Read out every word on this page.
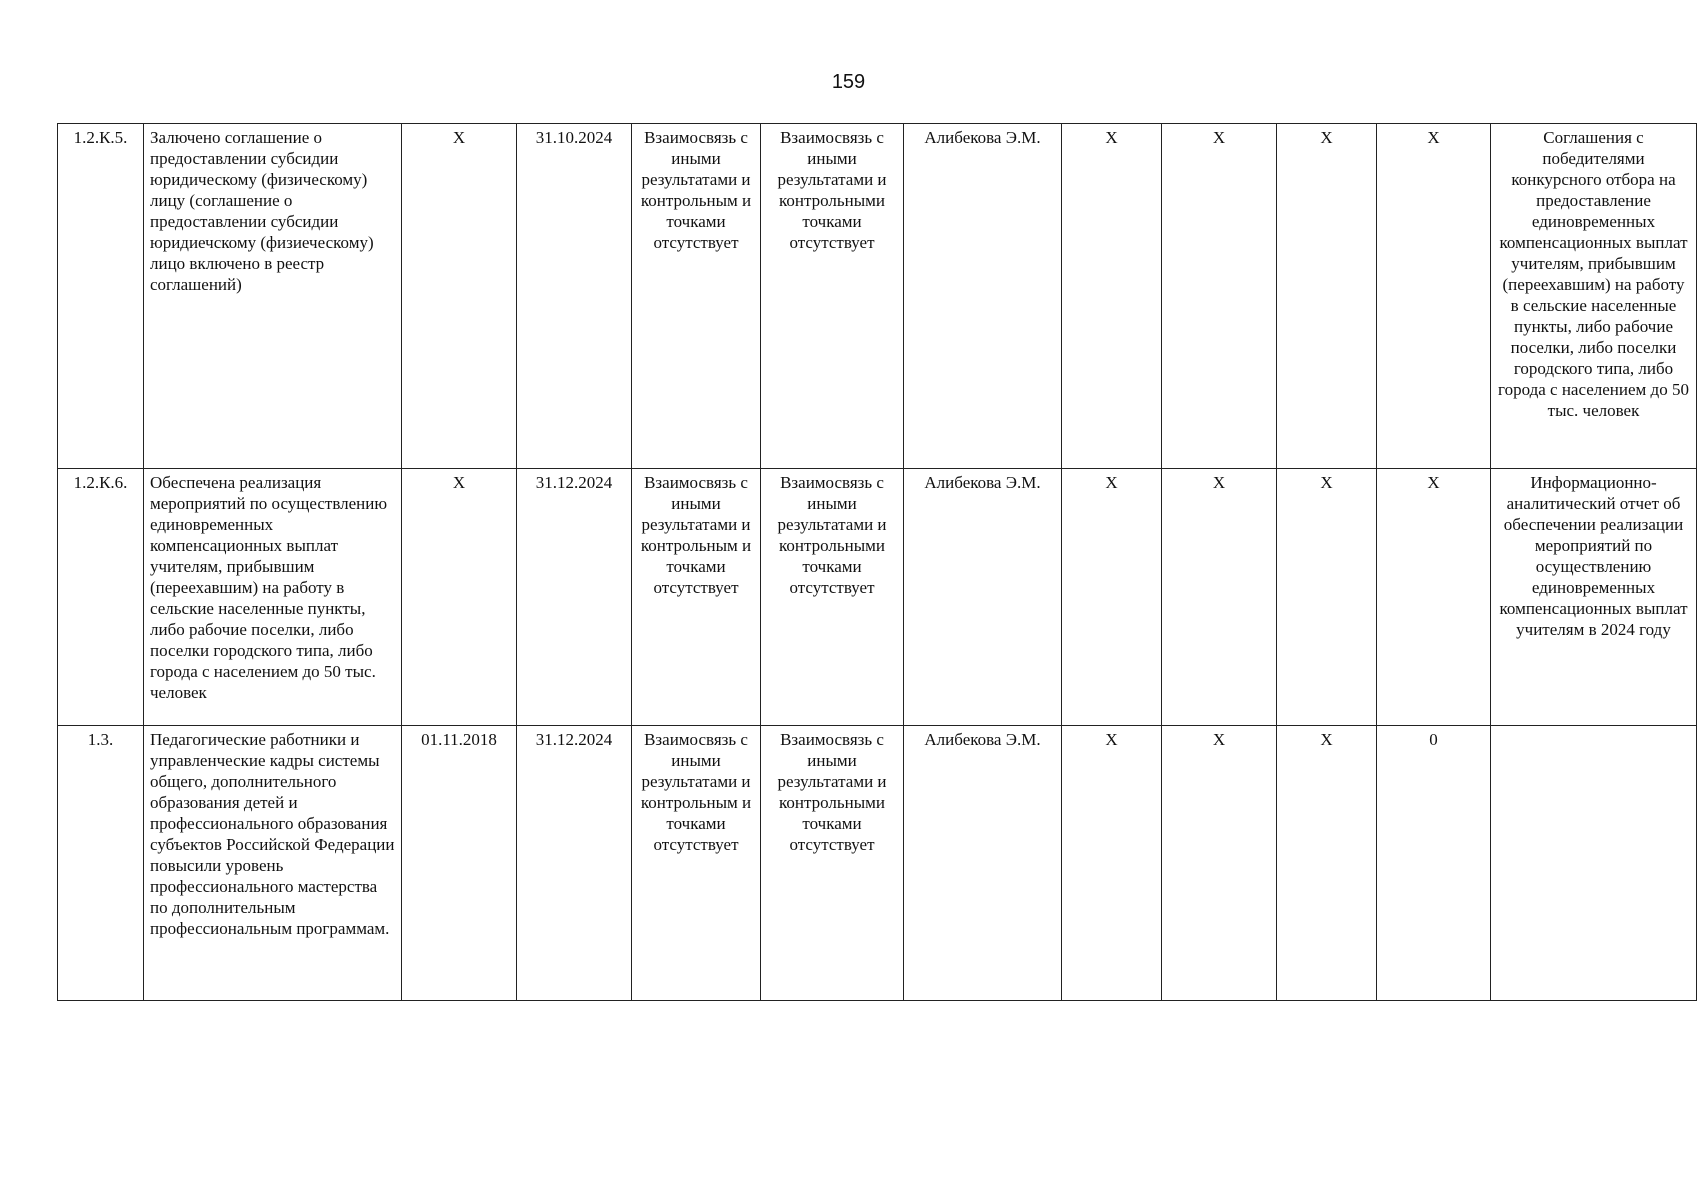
159
1.2.К.5.	Залючено соглашение о предоставлении субсидии юридическому (физическому) лицу (соглашение о предоставлении субсидии юридиечскому (физиеческому) лицо включено в реестр соглашений)	X	31.10.2024	Взаимосвязь с иными результатами и контрольным и точками отсутствует	Взаимосвязь с иными результатами и контрольными точками отсутствует	Алибекова Э.М.	X	X	X	X	Соглашения с победителями конкурсного отбора на предоставление единовременных компенсационных выплат учителям, прибывшим (переехавшим) на работу в сельские населенные пункты, либо рабочие поселки, либо поселки городского типа, либо города с населением до 50 тыс. человек
1.2.К.6.	Обеспечена реализация мероприятий по осуществлению единовременных компенсационных выплат учителям, прибывшим (переехавшим) на работу в сельские населенные пункты, либо рабочие поселки, либо поселки городского типа, либо города с населением до 50 тыс. человек	X	31.12.2024	Взаимосвязь с иными результатами и контрольным и точками отсутствует	Взаимосвязь с иными результатами и контрольными точками отсутствует	Алибекова Э.М.	X	X	X	X	Информационно-аналитический отчет об обеспечении реализации мероприятий по осуществлению единовременных компенсационных выплат учителям в 2024 году
1.3.	Педагогические работники и управленческие кадры системы общего, дополнительного образования детей и профессионального образования субъектов Российской Федерации повысили уровень профессионального мастерства по дополнительным профессиональным программам.	01.11.2018	31.12.2024	Взаимосвязь с иными результатами и контрольным и точками отсутствует	Взаимосвязь с иными результатами и контрольными точками отсутствует	Алибекова Э.М.	X	X	X	0	
